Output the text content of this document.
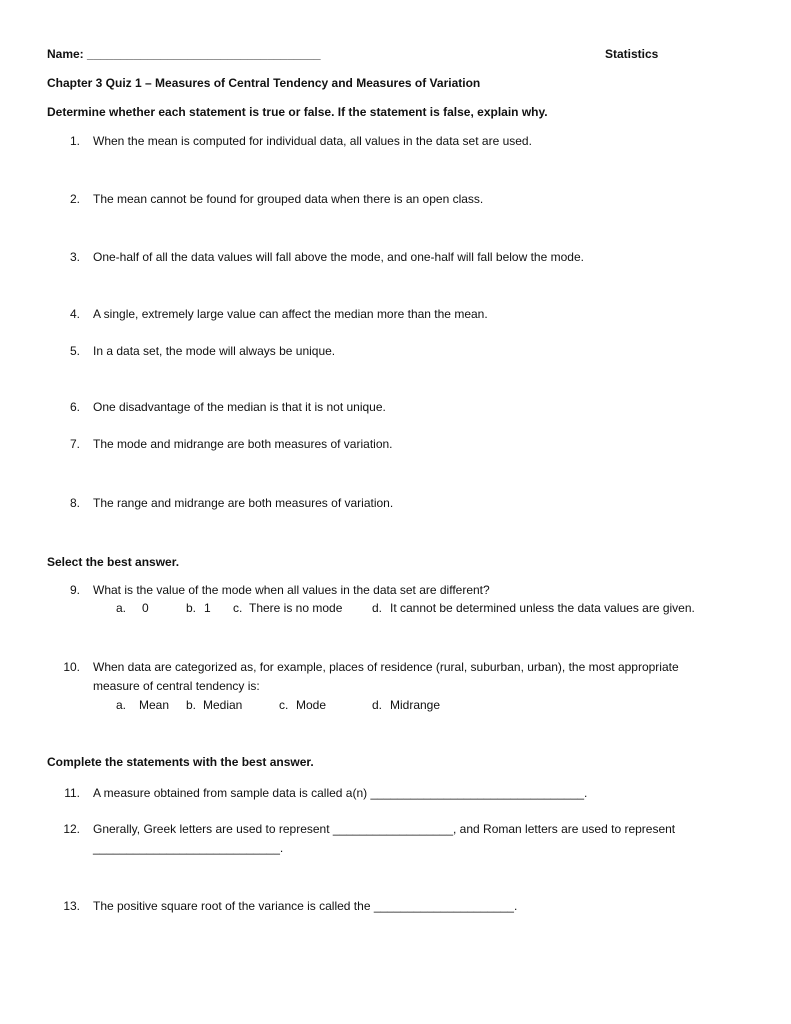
Name: ___________________________________	Statistics
Chapter 3 Quiz 1 – Measures of Central Tendency and Measures of Variation
Determine whether each statement is true or false. If the statement is false, explain why.
1. When the mean is computed for individual data, all values in the data set are used.
2. The mean cannot be found for grouped data when there is an open class.
3. One-half of all the data values will fall above the mode, and one-half will fall below the mode.
4. A single, extremely large value can affect the median more than the mean.
5. In a data set, the mode will always be unique.
6. One disadvantage of the median is that it is not unique.
7. The mode and midrange are both measures of variation.
8. The range and midrange are both measures of variation.
Select the best answer.
9. What is the value of the mode when all values in the data set are different?
a. 0	b. 1 c. There is no mode d. It cannot be determined unless the data values are given.
10. When data are categorized as, for example, places of residence (rural, suburban, urban), the most appropriate
measure of central tendency is:
a. Mean b. Median	c. Mode	d. Midrange
Complete the statements with the best answer.
11. A measure obtained from sample data is called a(n) ________________________________.
12. Gnerally, Greek letters are used to represent __________________, and Roman letters are used to represent
____________________________.
13. The positive square root of the variance is called the _____________________.
